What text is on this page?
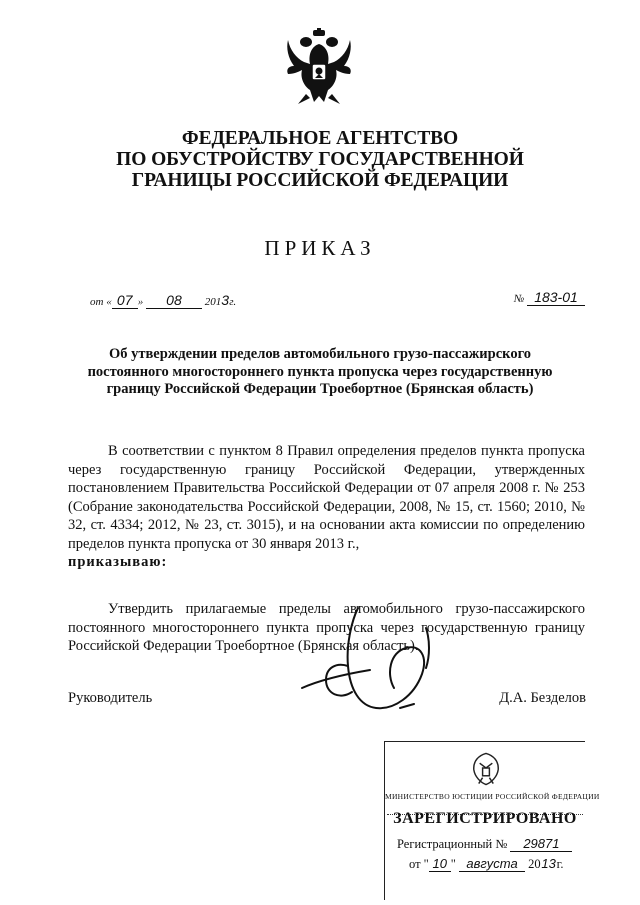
ФЕДЕРАЛЬНОЕ АГЕНТСТВО
ПО ОБУСТРОЙСТВУ ГОСУДАРСТВЕННОЙ
ГРАНИЦЫ РОССИЙСКОЙ ФЕДЕРАЦИИ
ПРИКАЗ
от « 07 » 08 2013г.	№ 183-01
Об утверждении пределов автомобильного грузо-пассажирского
постоянного многостороннего пункта пропуска через государственную
границу Российской Федерации Троебортное (Брянская область)
В соответствии с пунктом 8 Правил определения пределов пункта пропуска через государственную границу Российской Федерации, утвержденных постановлением Правительства Российской Федерации от 07 апреля 2008 г. № 253 (Собрание законодательства Российской Федерации, 2008, № 15, ст. 1560; 2010, № 32, ст. 4334; 2012, № 23, ст. 3015), и на основании акта комиссии по определению пределов пункта пропуска от 30 января 2013 г.,
приказываю:
Утвердить прилагаемые пределы автомобильного грузо-пассажирского постоянного многостороннего пункта пропуска через государственную границу Российской Федерации Троебортное (Брянская область).
Руководитель	Д.А. Безделов
МИНИСТЕРСТВО ЮСТИЦИИ РОССИЙСКОЙ ФЕДЕРАЦИИ
ЗАРЕГИСТРИРОВАНО
Регистрационный № 29871
от " 10 " августа 2013г.
